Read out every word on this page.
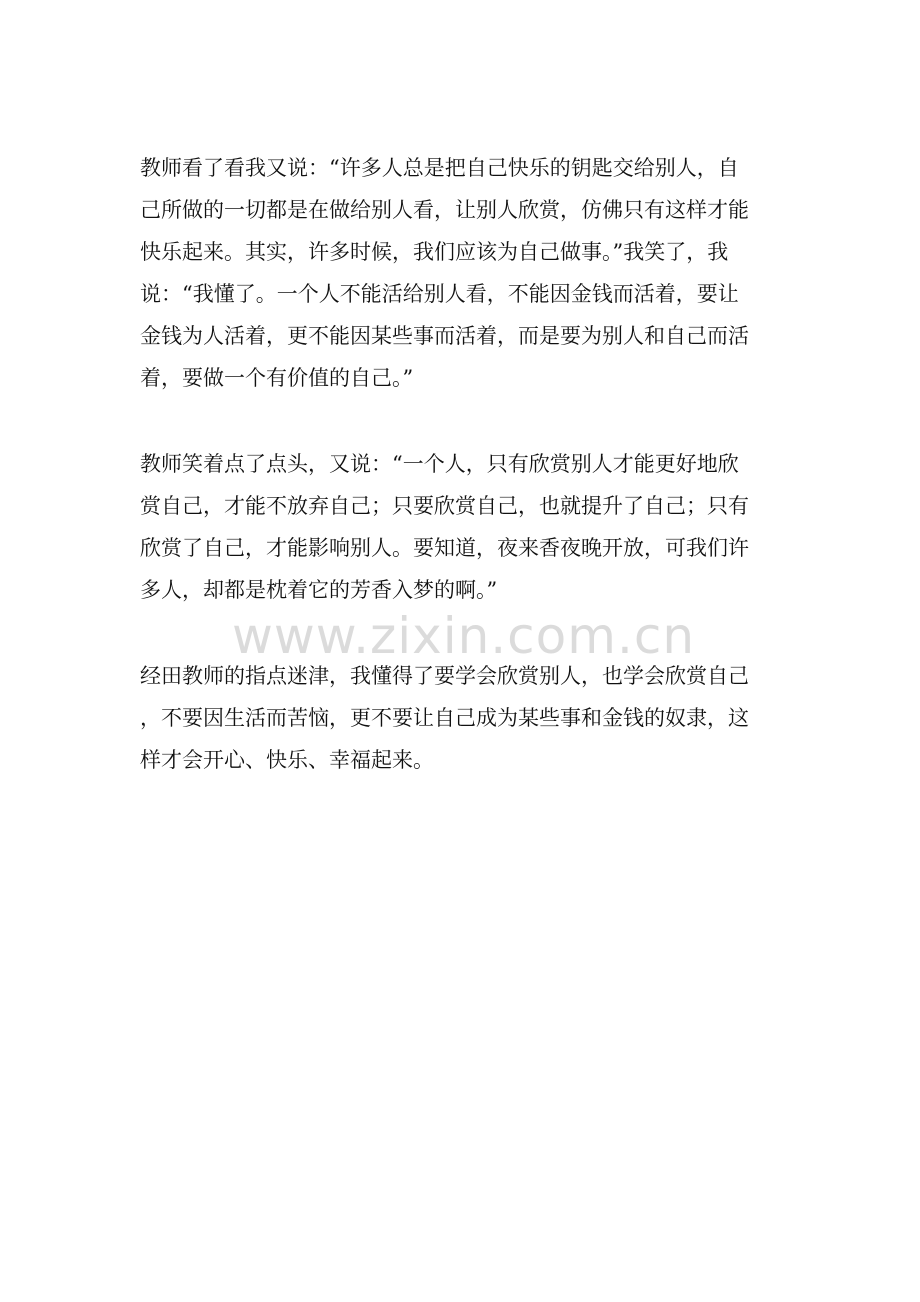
教师看了看我又说：“许多人总是把自己快乐的钥匙交给别人，自
己所做的一切都是在做给别人看，让别人欣赏，仿佛只有这样才能
快乐起来。其实，许多时候，我们应该为自己做事。”我笑了，我
说：“我懂了。一个人不能活给别人看，不能因金钱而活着，要让
金钱为人活着，更不能因某些事而活着，而是要为别人和自己而活
着，要做一个有价值的自己。”
教师笑着点了点头，又说：“一个人，只有欣赏别人才能更好地欣
赏自己，才能不放弃自己；只要欣赏自己，也就提升了自己；只有
欣赏了自己，才能影响别人。要知道，夜来香夜晚开放，可我们许
多人，却都是枕着它的芳香入梦的啊。”
www.zixin.com.cn
经田教师的指点迷津，我懂得了要学会欣赏别人，也学会欣赏自己
，不要因生活而苦恼，更不要让自己成为某些事和金钱的奴隶，这
样才会开心、快乐、幸福起来。
